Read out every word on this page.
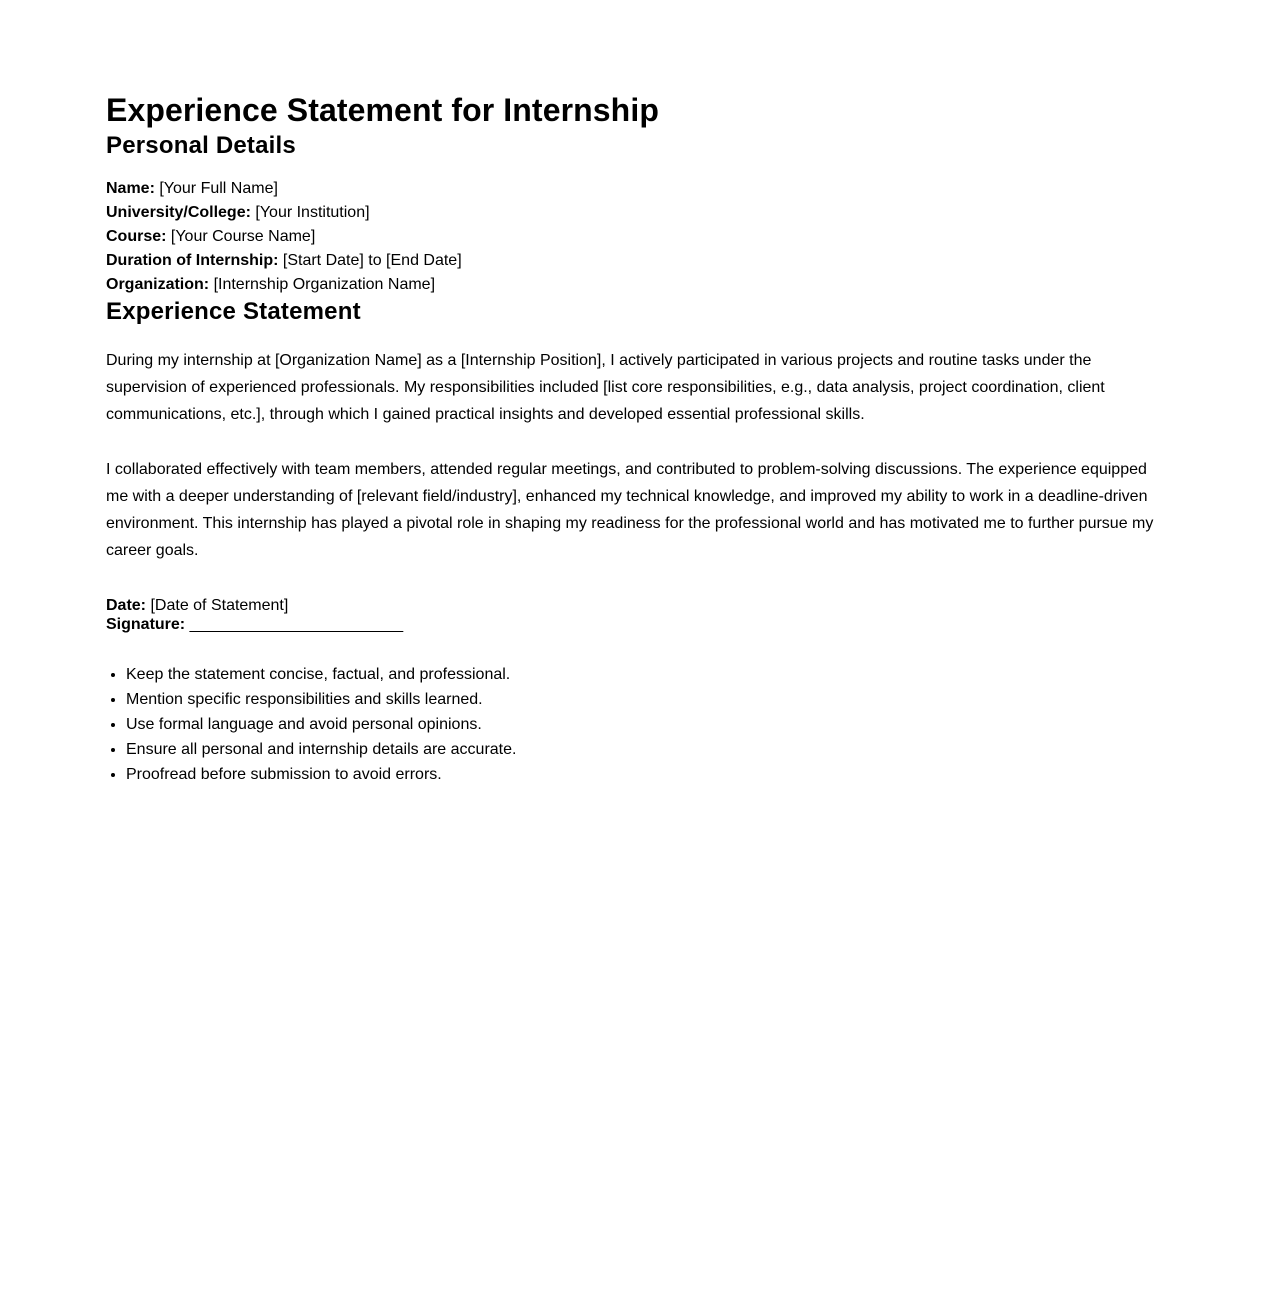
Experience Statement for Internship
Personal Details
Name: [Your Full Name]
University/College: [Your Institution]
Course: [Your Course Name]
Duration of Internship: [Start Date] to [End Date]
Organization: [Internship Organization Name]
Experience Statement

During my internship at [Organization Name] as a [Internship Position], I actively participated in various projects and routine tasks under the supervision of experienced professionals. My responsibilities included [list core responsibilities, e.g., data analysis, project coordination, client communications, etc.], through which I gained practical insights and developed essential professional skills.

I collaborated effectively with team members, attended regular meetings, and contributed to problem-solving discussions. The experience equipped me with a deeper understanding of [relevant field/industry], enhanced my technical knowledge, and improved my ability to work in a deadline-driven environment. This internship has played a pivotal role in shaping my readiness for the professional world and has motivated me to further pursue my career goals.

Date: [Date of Statement]
Signature: ________________________
• Keep the statement concise, factual, and professional.
• Mention specific responsibilities and skills learned.
• Use formal language and avoid personal opinions.
• Ensure all personal and internship details are accurate.
• Proofread before submission to avoid errors.
